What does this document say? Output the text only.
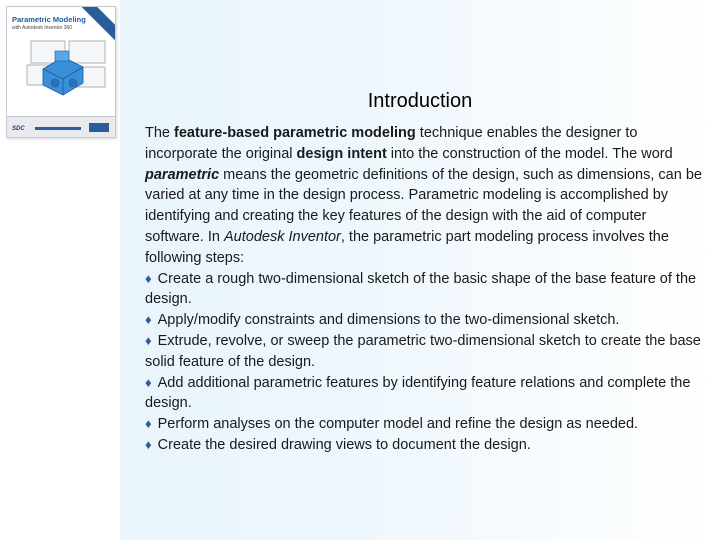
Parametric Modeling
with Autodesk Inventor 360
SDC
Introduction

The feature-based parametric modeling technique enables the designer to incorporate the original design intent into the construction of the model. The word parametric means the geometric definitions of the design, such as dimensions, can be varied at any time in the design process. Parametric modeling is accomplished by identifying and creating the key features of the design with the aid of computer software. In Autodesk Inventor, the parametric part modeling process involves the following steps:

♦ Create a rough two-dimensional sketch of the basic shape of the base feature of the design.

♦ Apply/modify constraints and dimensions to the two-dimensional sketch.

♦ Extrude, revolve, or sweep the parametric two-dimensional sketch to create the base solid feature of the design.

♦ Add additional parametric features by identifying feature relations and complete the design.

♦ Perform analyses on the computer model and refine the design as needed.

♦ Create the desired drawing views to document the design.
